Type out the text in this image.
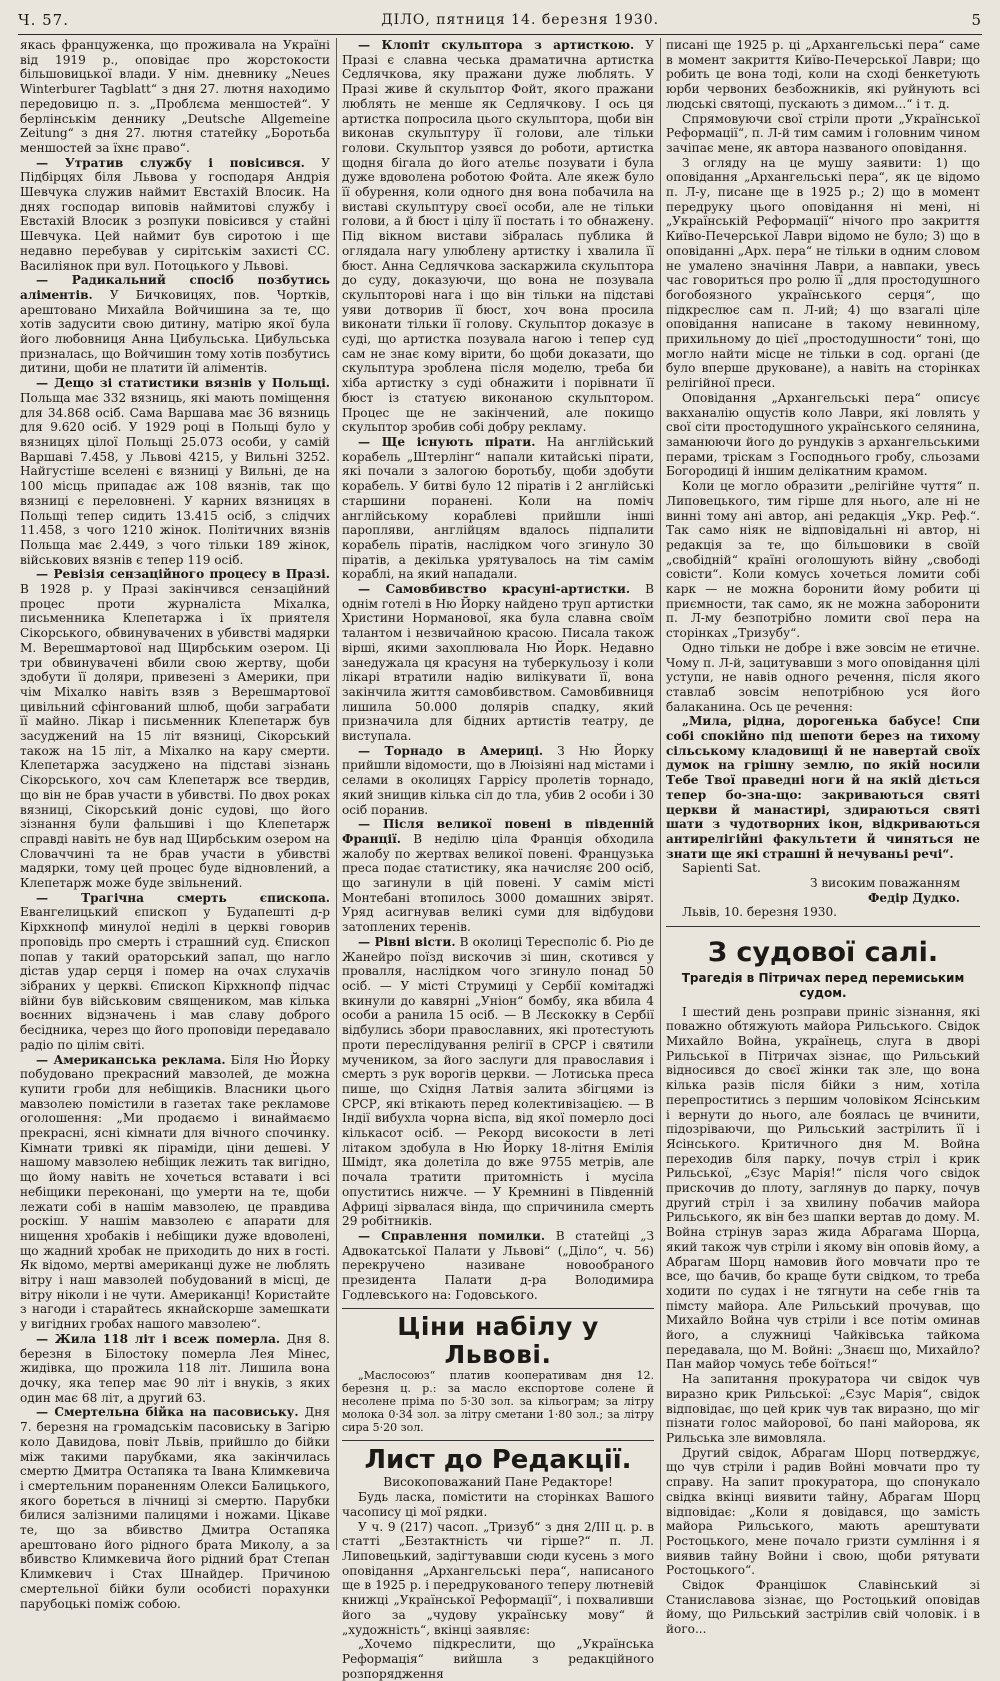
Ч. 57.	ДІЛО, пятниця 14. березня 1930.	5

якась француженка, що проживала на Україні від 1919 р., оповідає про жорстокости більшовицької влади. У нім. дневнику „Neues Winterburer Tagblatt“ з дня 27. лютня находимо передовицю п. з. „Проблєма меншостей“. У берлінськім деннику „Deutsche Allgemeine Zeitung“ з дня 27. лютня статейку „Боротьба меншостей за їхнє право“.

— Утратив службу і повісився. У Підбірцях біля Львова у господаря Андрія Шевчука служив наймит Евстахій Влосик. На днях господар виповів наймитові службу і Евстахій Влосик з розпуки повісився у стайні Шевчука. Цей наймит був сиротою і ще недавно перебував у сирітськім захисті СС. Василіянок при вул. Потоцького у Львові.

— Радикальний спосіб позбутись аліментів. У Бичковицях, пов. Чортків, арештовано Михайла Войчишина за те, що хотів задусити свою дитину, матірю якої була його любовниця Анна Цибульська. Цибульська призналась, що Войчишин тому хотів позбутись дитини, щоби не платити їй аліментів.

— Дещо зі статистики вязнів у Польщі. Польща має 332 вязниць, які мають поміщення для 34.868 осіб. Сама Варшава має 36 вязниць для 9.620 осіб. У 1929 році в Польщі було у вязницях цілої Польщі 25.073 особи, у самій Варшаві 7.458, у Львові 4215, у Вильні 3252. Найгустіше вселені є вязниці у Вильні, де на 100 місць припадає аж 108 вязнів, так що вязниці є переловнені. У карних вязницях в Польщі тепер сидить 13.415 осіб, з слідчих 11.458, з чого 1210 жінок. Політичних вязнів Польща має 2.449, з чого тільки 189 жінок, військових вязнів є тепер 119 осіб.

— Ревізія сензаційного процесу в Празі. В 1928 р. у Празі закінчився сензаційний процес проти журналіста Міхалка, письменника Клепетаржа і їх приятеля Сікорського, обвинувачених в убивстві мадярки М. Верешмартової над Щирбським озером. Ці три обвинувачені вбили свою жертву, щоби здобути її доляри, привезені з Америки, при чім Міхалко навіть взяв з Верешмартової цивільний сфінгований шлюб, щоби заграбати її майно. Лікар і письменник Клепетарж був засуджений на 15 літ вязниці, Сікорський також на 15 літ, а Міхалко на кару смерти. Клепетаржа засуджено на підставі зізнань Сікорського, хоч сам Клепетарж все твердив, що він не брав участи в убивстві. По двох роках вязниці, Сікорський доніс судові, що його зізнання були фальшиві і що Клепетарж справді навіть не був над Щирбським озером на Словаччині та не брав участи в убивстві мадярки, тому цей процес буде відновлений, а Клепетарж може буде звільнений.

— Трагічна смерть єпископа. Евангелицький єпископ у Будапешті д-р Кірхкнопф минулої неділі в церкві говорив проповідь про смерть і страшний суд. Єпископ попав у такий ораторський запал, що нагло дістав удар серця і помер на очах слухачів зібраних у церкві. Єпископ Кірхкнопф підчас війни був військовим священиком, мав кілька воєнних відзначень і мав славу доброго бесідника, через що його проповіди передавало радіо по цілім світі.

— Американська реклама. Біля Ню Йорку побудовано прекрасний мавзолей, де можна купити гроби для небіщиків. Власники цього мавзолею помістили в газетах таке рекламове оголошення: „Ми продаємо і винаймаємо прекрасні, ясні кімнати для вічного спочинку. Кімнати тривкі як піраміди, ціни дешеві. У нашому мавзолею небіщик лежить так вигідно, що йому навіть не хочеться вставати і всі небіщики переконані, що умерти на те, щоби лежати собі в нашім мавзолею, це правдива роскіш. У нашім мавзолею є апарати для нищення хробаків і небіщики дуже вдоволені, що жадний хробак не приходить до них в гості. Як відомо, мертві американці дуже не люблять вітру і наш мавзолей побудований в місці, де вітру ніколи і не чути. Американці! Користайте з нагоди і старайтесь якнайскорше замешкати у вигідних гробах нашого мавзолею“.

— Жила 118 літ і всеж померла. Дня 8. березня в Білостоку померла Лея Мінес, жидівка, що прожила 118 літ. Лишила вона дочку, яка тепер має 90 літ і внуків, з яких один має 68 літ, а другий 63.

— Смертельна бійка на пасовиську. Дня 7. березня на громадськім пасовиську в Загірю коло Давидова, повіт Львів, прийшло до бійки між такими парубками, яка закінчилась смертю Дмитра Остапяка та Івана Климкевича і смертельним пораненням Олекси Балицького, якого бореться в лічниці зі смертю. Парубки билися залізними палицями і ножами. Цікаве те, що за вбивство Дмитра Остапяка арештовано його рідного брата Миколу, а за вбивство Климкевича його рідний брат Степан Климкевич і Стах Шнайдер. Причиною смертельної бійки були особисті порахунки парубоцькі поміж собою.

— Клопіт скульптора з артисткою. У Празі є славна чеська драматична артистка Седлячкова, яку пражани дуже люблять. У Празі живе й скульптор Фойт, якого пражани люблять не менше як Седлячкову. І ось ця артистка попросила цього скульптора, щоби він виконав скульптуру її голови, але тільки голови. Скульптор узявся до роботи, артистка щодня бігала до його ательє позувати і була дуже вдоволена роботою Фойта. Але якеж було її обурення, коли одного дня вона побачила на виставі скульптуру своєї особи, але не тільки голови, а й бюст і цілу її постать і то обнажену. Під вікном вистави зібралась публика й оглядала нагу улюблену артистку і хвалила її бюст. Анна Седлячкова заскаржила скульптора до суду, доказуючи, що вона не позувала скульпторові нага і що він тільки на підставі уяви дотворив її бюст, хоч вона просила виконати тільки її голову. Скульптор доказує в суді, що артистка позувала нагою і тепер суд сам не знає кому вірити, бо щоби доказати, що скульптура зроблена після моделю, треба би хіба артистку з суді обнажити і порівнати її бюст із статуєю виконаною скульптором. Процес ще не закінчений, але покищо скульптор зробив собі добру рекламу.

— Ще існують пірати. На англійський корабель „Штерлінг“ напали китайські пірати, які почали з залогою боротьбу, щоби здобути корабель. У битві було 12 піратів і 2 англійські старшини поранені. Коли на поміч англійському кораблеві прийшли інші паропляви, англійцям вдалось підпалити корабель піратів, наслідком чого згинуло 30 піратів, а декілька урятувалось на тім самім кораблі, на який нападали.

— Самовбивство красуні-артистки. В однім готелі в Ню Йорку найдено труп артистки Христини Норманової, яка була славна своїм талантом і незвичайною красою. Писала також вірші, якими захоплювала Ню Йорк. Недавно занедужала ця красуня на туберкульозу і коли лікарі втратили надію вилікувати її, вона закінчила життя самовбивством. Самовбивниця лишила 50.000 долярів спадку, який призначила для бідних артистів театру, де виступала.

— Торнадо в Америці. З Ню Йорку прийшли відомости, що в Люізіяні над містами і селами в околицях Гаррісу пролетів торнадо, який знищив кілька сіл до тла, убив 2 особи і 30 осіб поранив.

— Після великої повені в південній Франції. В неділю ціла Франція обходила жалобу по жертвах великої повені. Французька преса подає статистику, яка начисляє 200 осіб, що загинули в цій повені. У самім місті Монтебані втопилось 3000 домашних звірят. Уряд асигнував великі суми для відбудови затоплених теренів.

— Рівні вісти. В околиці Тересполіс б. Ріо де Жанейро поїзд вискочив зі шин, скотився у провалля, наслідком чого згинуло понад 50 осіб. — У місті Струмиці у Сербії комітаджі вкинули до кавярні „Уніон“ бомбу, яка вбила 4 особи а ранила 15 осіб. — В Лєскокку в Сербії відбулись збори православних, які протестують проти переслідування релігії в СРСР і святили мучеником, за його заслуги для православия і смерть з рук ворогів церкви. — Лотиська преса пише, що Східня Латвія залита збігцями із СРСР, які втікають перед колективізацією. — В Індії вибухла чорна віспа, від якої померло досі кількасот осіб. — Рекорд високости в леті літаком здобула в Ню Йорку 18-літня Емілія Шмідт, яка долетіла до вже 9755 метрів, але почала тратити притомність і мусіла опуститись нижче. — У Кремнині в Південній Африці зірвалася вінда, що спричинила смерть 29 робітників.

— Справлення помилки. В статейці „З Адвокатської Палати у Львові“ („Діло“, ч. 56) перекручено називане новообраного президента Палати д-ра Володимира Годлевського на: Годовського.

Ціни набілу у Львові.

„Маслосоюз“ платив кооперативам дня 12. березня ц. р.: за масло експортове солене й несолене пріма по 5·30 зол. за кільограм; за літру молока 0·34 зол. за літру сметани 1·80 зол.; за літру сира 5·20 зол.

Лист до Редакції.

Високоповажаний Пане Редакторе!

Будь ласка, помістити на сторінках Вашого часопису ці мої рядки.

У ч. 9 (217) часоп. „Тризуб“ з дня 2/III ц. р. в статті „Безтактність чи гірше?“ п. Л. Липовецький, задігтувавши сюди кусень з мого оповідання „Архангельські пера“, написаного ще в 1925 р. і передрукованого теперу лютневій книжці „Української Реформації“, і похваливши його за „чудову українську мову“ й „художність“, вкінці заявляє:

„Хочемо підкреслити, що „Українська Реформація“ вийшла з редакційного розпорядження

писані ще 1925 р. ці „Архангельські пера“ саме в момент закриття Київо-Печерської Лаври; що робить це вона тоді, коли на сході бенкетують юрби червоних безбожників, які руйнують всі людські святощі, пускають з димом...“ і т. д.

Спрямовуючи свої стріли проти „Української Реформації“, п. Л-й тим самим і головним чином зачіпає мене, як автора названого оповідання.

З огляду на це мушу заявити: 1) що оповідання „Архангельські пера“, як це відомо п. Л-у, писане ще в 1925 р.; 2) що в момент передруку цього оповідання ні мені, ні „Українській Реформації“ нічого про закриття Київо-Печерської Лаври відомо не було; 3) що в оповіданні „Арх. пера“ не тільки в одним словом не умалено значіння Лаври, а навпаки, увесь час говориться про ролю її „для простодушного богобоязного українського серця“, що підкреслює сам п. Л-ий; 4) що взагалі ціле оповідання написане в такому невинному, прихильному до цієї „простодушности“ тоні, що могло найти місце не тільки в сод. органі (де було вперше друковане), а навіть на сторінках релігійної преси.

Оповідання „Архангельські пера“ описує вакханалію ощустів коло Лаври, які ловлять у свої сіти простодушного українського селянина, заманюючи його до рундуків з архангельськими перами, тріскам з Господнього гробу, сльозами Богородиці й іншим делікатним крамом.

Коли це могло образити „релігійне чуття“ п. Липовецького, тим гірше для нього, але ні не винні тому ані автор, ані редакція „Укр. Реф.“. Так само ніяк не відповідальні ні автор, ні редакція за те, що більшовики в своїй „свобідній“ країні оголошують війну „свободі совісти“. Коли комусь хочеться ломити собі карк — не можна боронити йому робити ці приємности, так само, як не можна заборонити п. Л-му безпотрібно ломити свої пера на сторінках „Тризубу“.

Одно тільки не добре і вже зовсім не етичне. Чому п. Л-й, зацитувавши з мого оповідання цілі уступи, не навів одного речення, після якого ставлаб зовсім непотрібною уся його балаканина. Ось це речення:

„Мила, рідна, дорогенька бабусе! Спи собі спокійно під шепоти берез на тихому сільському кладовищі й не навертай своїх думок на грішну землю, по якій носили Тебе Твої праведні ноги й на якій діється тепер бо-зна-що: закриваються святі церкви й манастирі, здираються святі шати з чудотворних ікон, відкриваються антирелігійні факультети й чиняться не знати ще які страшні й нечуваньі речі“.

Sapienti Sat.

З високим поважанням

Федір Дудко.

Львів, 10. березня 1930.

З судової салі.
Трагедія в Пітричах перед перемиським судом.

І шестий день розправи приніс зізнання, які поважно обтяжують майора Рильського. Свідок Михайло Война, українець, слуга в дворі Рильської в Пітричах зізнає, що Рильський відносився до своєї жінки так зле, що вона кілька разів після бійки з ним, хотіла перепроститись з першим чоловіком Ясінським і вернути до нього, але боялась це вчинити, підозріваючи, що Рильський застрілить її і Ясінського. Критичного дня М. Война переходив біля парку, почув стріл і крик Рильської, „Єзус Марія!“ після чого свідок прискочив до плоту, заглянув до парку, почув другий стріл і за хвилину побачив майора Рильського, як він без шапки вертав до дому. М. Война стрінув зараз жида Абрагама Шорца, який також чув стріли і якому він оповів йому, а Абрагам Шорц намовив його мовчати про те все, що бачив, бо краще бути свідком, то треба ходити по судах і не тягнути на себе гнів та пімсту майора. Але Рильський прочував, що Михайло Война чув стріли і все потім оминав його, а служниці Чайківська тайкома передавала, що М. Войні: „Знаєш що, Михайло? Пан майор чомусь тебе боїться!“

На запитання прокуратора чи свідок чув виразно крик Рильської: „Єзус Марія“, свідок відповідає, що цей крик чув так виразно, що міг пізнати голос майорової, бо пані майорова, як Рильська зле вимовляла.

Другий свідок, Абрагам Шорц потверджує, що чув стріли і радив Войні мовчати про ту справу. На запит прокуратора, що спонукало свідка вкінці виявити тайну, Абрагам Шорц відповідає: „Коли я довідався, що замість майора Рильського, мають арештувати Ростоцького, мене почало гризти сумління і я виявив тайну Войни і свою, щоби рятувати Ростоцького“.

Свідок Францішок Славінський зі Станиславова зізнає, що Ростоцький оповідав йому, що Рильський застрілив свій чоловік. і в його...
